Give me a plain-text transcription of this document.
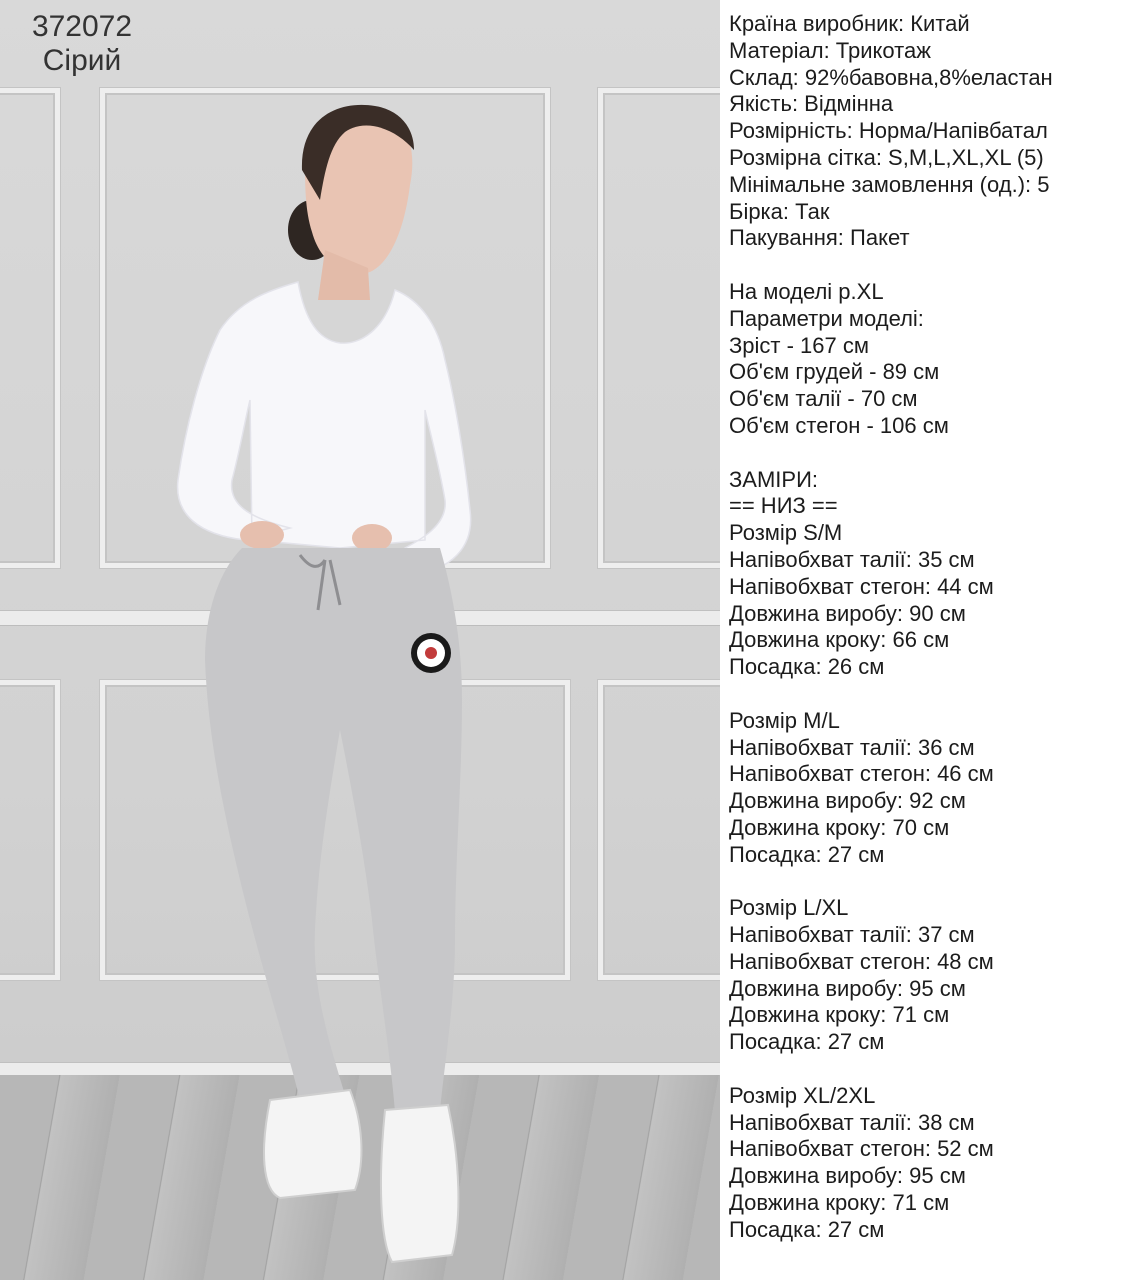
372072
Сірий
Країна виробник: Китай
Матеріал: Трикотаж
Склад: 92%бавовна,8%еластан
Якість: Відмінна
Розмірність: Норма/Напівбатал
Розмірна сітка: S,M,L,XL,XL (5)
Мінімальне замовлення (од.): 5
Бірка: Так
Пакування: Пакет
На моделі р.XL
Параметри моделі:
Зріст - 167 см
Об'єм грудей - 89 см
Об'єм талії - 70 см
Об'єм стегон - 106 см
ЗАМІРИ:
== НИЗ ==
Розмір S/M
Напівобхват талії: 35 см
Напівобхват стегон: 44 см
Довжина виробу: 90 см
Довжина кроку: 66 см
Посадка: 26 см
Розмір M/L
Напівобхват талії: 36 см
Напівобхват стегон: 46 см
Довжина виробу: 92 см
Довжина кроку: 70 см
Посадка: 27 см
Розмір L/XL
Напівобхват талії: 37 см
Напівобхват стегон: 48 см
Довжина виробу: 95 см
Довжина кроку: 71 см
Посадка: 27 см
Розмір XL/2XL
Напівобхват талії: 38 см
Напівобхват стегон: 52 см
Довжина виробу: 95 см
Довжина кроку: 71 см
Посадка: 27 см
